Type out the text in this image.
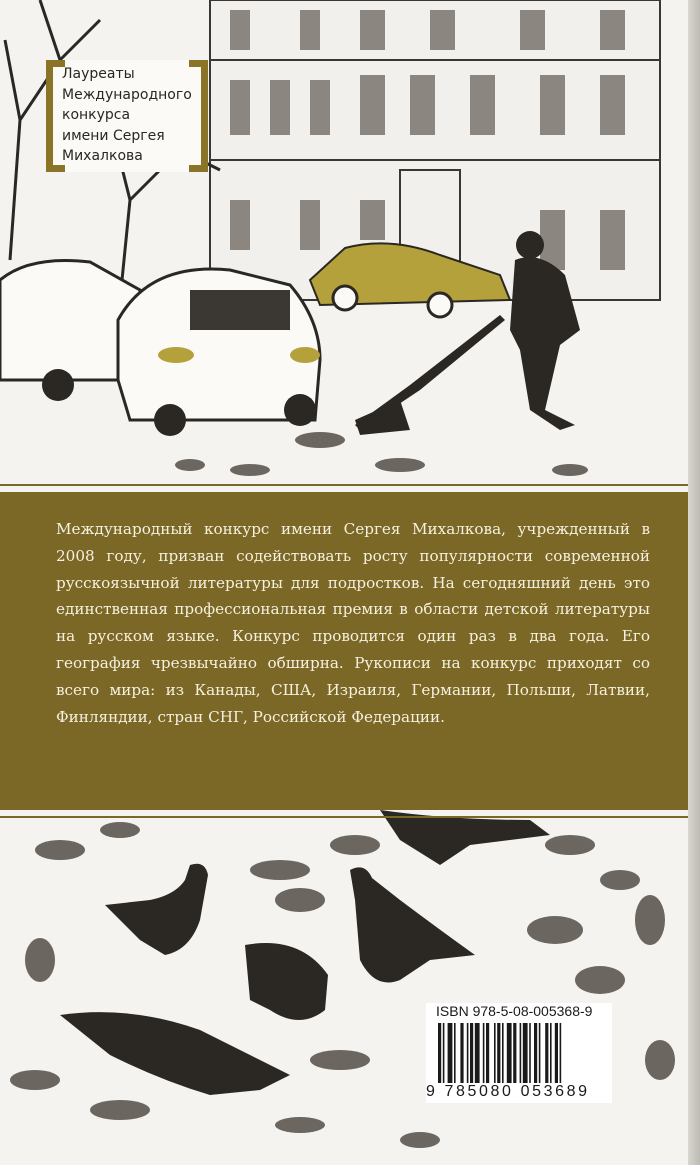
Лауреаты
Международного
конкурса
имени Сергея
Михалкова
Международный конкурс имени Сергея Михалкова, учрежденный в 2008 году, призван содействовать росту популярности современной русскоязычной литературы для подростков. На сегодняшний день это единственная профессиональная премия в области детской литературы на русском языке. Конкурс проводится один раз в два года. Его география чрезвычайно обширна. Рукописи на конкурс приходят со всего мира: из Канады, США, Израиля, Германии, Польши, Латвии, Финляндии, стран СНГ, Российской Федерации.
ISBN 978-5-08-005368-9
9 785080 053689
